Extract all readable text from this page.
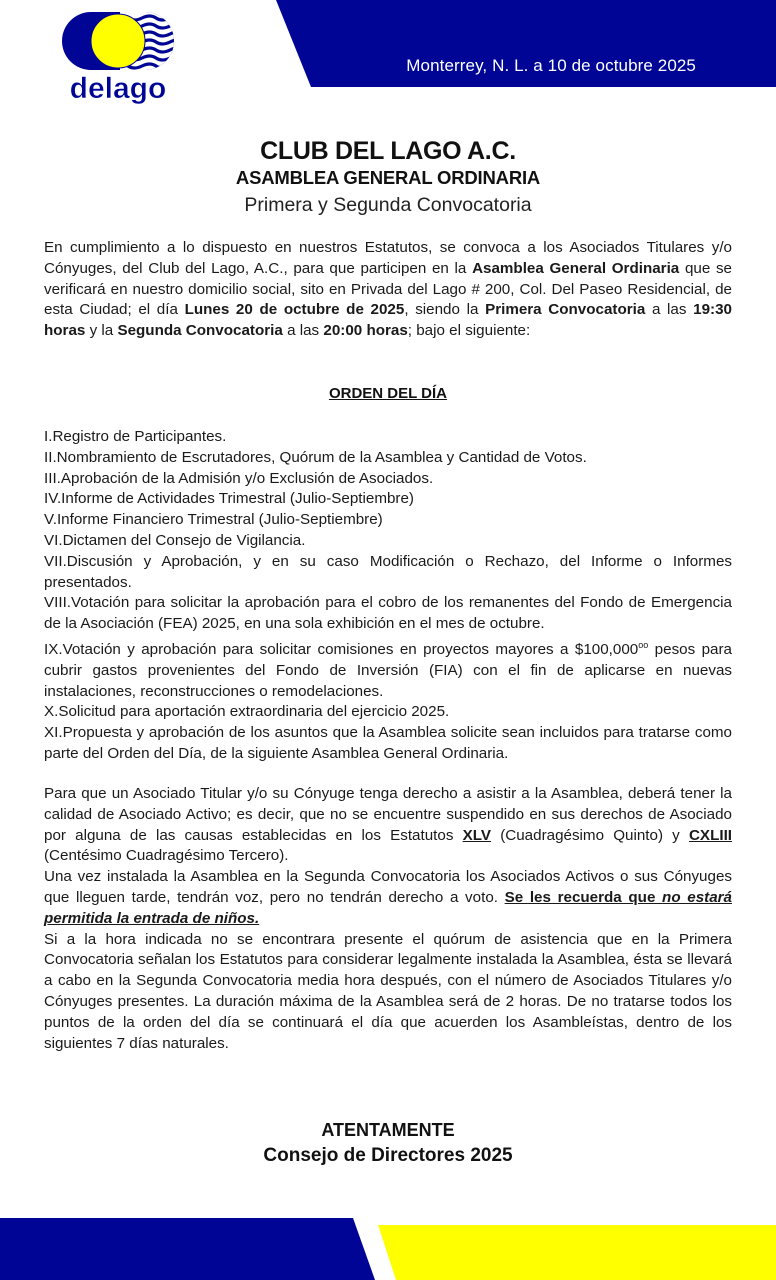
Monterrey, N. L. a 10 de octubre 2025
delago
CLUB DEL LAGO A.C.
ASAMBLEA GENERAL ORDINARIA
Primera y Segunda Convocatoria

En cumplimiento a lo dispuesto en nuestros Estatutos, se convoca a los Asociados Titulares y/o Cónyuges, del Club del Lago, A.C., para que participen en la Asamblea General Ordinaria que se verificará en nuestro domicilio social, sito en Privada del Lago # 200, Col. Del Paseo Residencial, de esta Ciudad; el día Lunes 20 de octubre de 2025, siendo la Primera Convocatoria a las 19:30 horas y la Segunda Convocatoria a las 20:00 horas; bajo el siguiente:

ORDEN DEL DÍA
I.Registro de Participantes.
II.Nombramiento de Escrutadores, Quórum de la Asamblea y Cantidad de Votos.
III.Aprobación de la Admisión y/o Exclusión de Asociados.
IV.Informe de Actividades Trimestral (Julio-Septiembre)
V.Informe Financiero Trimestral (Julio-Septiembre)
VI.Dictamen del Consejo de Vigilancia.
VII.Discusión y Aprobación, y en su caso Modificación o Rechazo, del Informe o Informes presentados.
VIII.Votación para solicitar la aprobación para el cobro de los remanentes del Fondo de Emergencia de la Asociación (FEA) 2025, en una sola exhibición en el mes de octubre.
IX.Votación y aprobación para solicitar comisiones en proyectos mayores a $\$100,000^{oo}$ pesos para cubrir gastos provenientes del Fondo de Inversión (FIA) con el fin de aplicarse en nuevas instalaciones, reconstrucciones o remodelaciones.
X.Solicitud para aportación extraordinaria del ejercicio 2025.
XI.Propuesta y aprobación de los asuntos que la Asamblea solicite sean incluidos para tratarse como parte del Orden del Día, de la siguiente Asamblea General Ordinaria.

Para que un Asociado Titular y/o su Cónyuge tenga derecho a asistir a la Asamblea, deberá tener la calidad de Asociado Activo; es decir, que no se encuentre suspendido en sus derechos de Asociado por alguna de las causas establecidas en los Estatutos XLV (Cuadragésimo Quinto) y CXLIII (Centésimo Cuadragésimo Tercero).

Una vez instalada la Asamblea en la Segunda Convocatoria los Asociados Activos o sus Cónyuges que lleguen tarde, tendrán voz, pero no tendrán derecho a voto. Se les recuerda que no estará permitida la entrada de niños.

Si a la hora indicada no se encontrara presente el quórum de asistencia que en la Primera Convocatoria señalan los Estatutos para considerar legalmente instalada la Asamblea, ésta se llevará a cabo en la Segunda Convocatoria media hora después, con el número de Asociados Titulares y/o Cónyuges presentes. La duración máxima de la Asamblea será de 2 horas. De no tratarse todos los puntos de la orden del día se continuará el día que acuerden los Asambleístas, dentro de los siguientes 7 días naturales.

ATENTAMENTE
Consejo de Directores 2025
